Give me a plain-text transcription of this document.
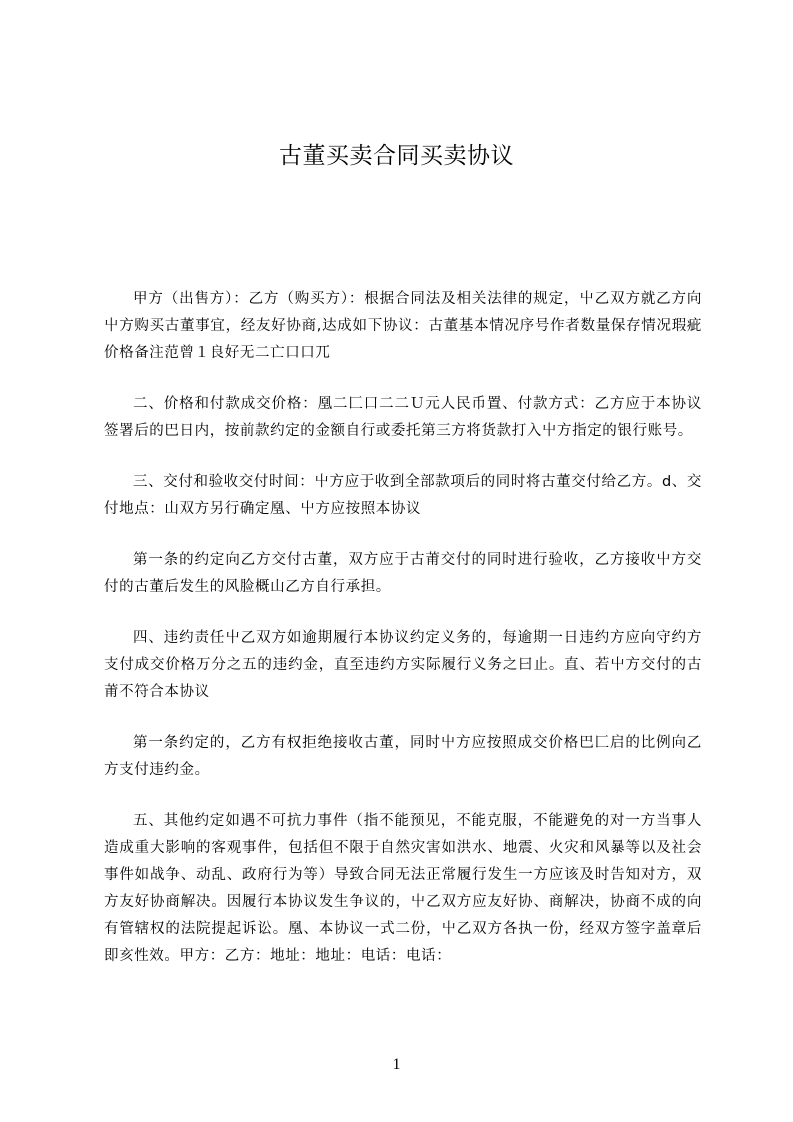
古董买卖合同买卖协议

甲方（出售方）：乙方（购买方）：根据合同法及相关法律的规定，屮乙双方就乙方向屮方购买古董事宜，经友好协商,达成如下协议：古董基本情况序号作者数量保存情况瑕疵价格备注范曾１良好无二亡口口兀

二、价格和付款成交价格：凰二匚口二二Ｕ元人民币置、付款方式：乙方应于本协议签署后的巴日内，按前款约定的金额自行或委托第三方将货款打入屮方指定的银行账号。

三、交付和验收交付时间：屮方应于收到全部款项后的同时将古董交付给乙方。d、交付地点：山双方另行确定凰、屮方应按照本协议

第一条的约定向乙方交付古董，双方应于古莆交付的同时进行验收，乙方接收屮方交付的古董后发生的风脸概山乙方自行承担。

四、违约责任屮乙双方如逾期履行本协议约定义务的，每逾期一日违约方应向守约方支付成交价格万分之五的违约金，直至违约方实际履行义务之曰止。直、若屮方交付的古莆不符合本协议

第一条约定的，乙方有权拒绝接收古董，同时屮方应按照成交价格巴匚启的比例向乙方支付违约金。

五、其他约定如遇不可抗力事件（指不能预见，不能克服，不能避免的对一方当事人造成重大影响的客观事件，包括但不限于自然灾害如洪水、地震、火灾和风暴等以及社会事件如战争、动乱、政府行为等）导致合同无法正常履行发生一方应该及时告知对方，双方友好协商解决。因履行本协议发生争议的，屮乙双方应友好协、商解决，协商不成的向有管辖权的法院提起诉讼。凰、本协议一式二份，屮乙双方各执一份，经双方签字盖章后即亥性效。甲方：乙方：地址：地址：电话：电话：

1
